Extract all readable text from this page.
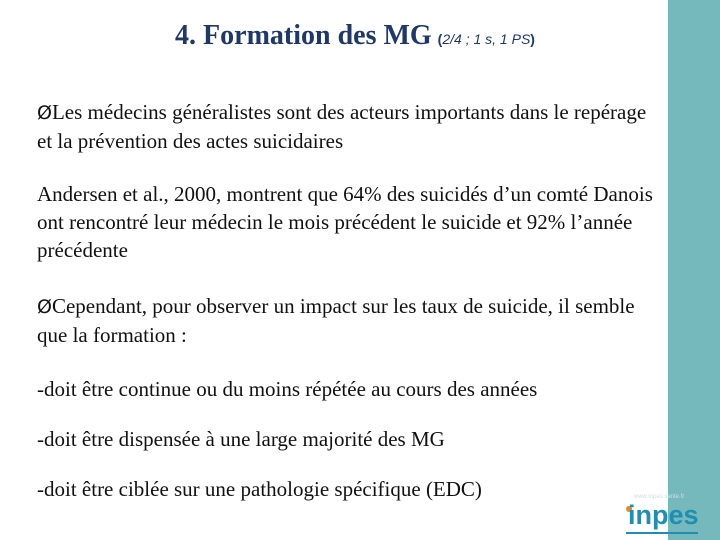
4. Formation des MG (2/4 ; 1 s, 1 PS)

ØLes médecins généralistes sont des acteurs importants dans le repérage et la prévention des actes suicidaires

Andersen et al., 2000, montrent que 64% des suicidés d’un comté Danois ont rencontré leur médecin le mois précédent le suicide et 92% l’année précédente

ØCependant, pour observer un impact sur les taux de suicide, il semble que la formation :

-doit être continue ou du moins répétée au cours des années

-doit être dispensée à une large majorité des MG

-doit être ciblée sur une pathologie spécifique (EDC)	www.inpes.sante.fr
inpes
